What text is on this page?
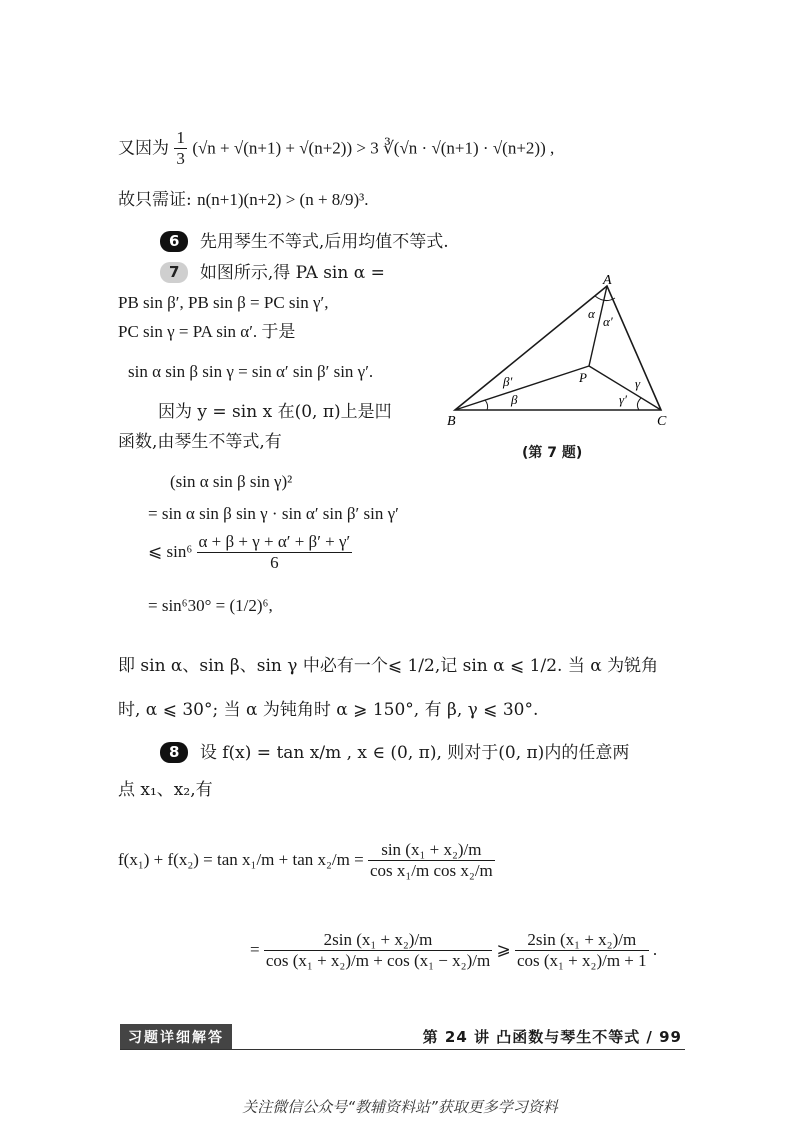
又因为 $\frac{1}{3} (√n + √(n+1) + √(n+2)) > 3$ ∛(√n · √(n+1) · √(n+2)) ,
故只需证: n(n+1)(n+2) > (n + 8/9)³.
6 先用琴生不等式,后用均值不等式.
7 如图所示,得 PA sin α =
PB sin β′, PB sin β = PC sin γ′,
PC sin γ = PA sin α′. 于是
sin α sin β sin γ = sin α′ sin β′ sin γ′.
因为 y = sin x 在(0, π)上是凹
函数,由琴生不等式,有
(sin α sin β sin γ)²
= sin α sin β sin γ · sin α′ sin β′ sin γ′
⩽ $\sin^6 \frac{\alpha + \beta + \gamma + \alpha' + \beta' + \gamma'}{6}$
= sin⁶30° = (1/2)⁶,
即 sin α、sin β、sin γ 中必有一个⩽ 1/2,记 sin α ⩽ 1/2. 当 α 为锐角
时, α ⩽ 30°; 当 α 为钝角时 α ⩾ 150°, 有 β, γ ⩽ 30°.
8 设 f(x) = tan x/m , x ∈ (0, π), 则对于(0, π)内的任意两
点 x₁、x₂,有
$f(x_1) + f(x_2) = \tan x_1/m + \tan x_2/m = \frac{\text{sin (x₁ + x₂)/m}}{\text{cos x₁/m cos x₂/m}}$
= $\frac{\text{2sin (x₁ + x₂)/m}}{\text{cos (x₁ + x₂)/m + cos (x₁ − x₂)/m}}$ ⩾ $\frac{\text{2sin (x₁ + x₂)/m}}{\text{cos (x₁ + x₂)/m + 1}}$ .
A
B	C
P
α
α′
β′
β
γ
γ′
(第 7 题)
习题详细解答	第 24 讲 凸函数与琴生不等式 / 99
关注微信公众号“教辅资料站”获取更多学习资料
